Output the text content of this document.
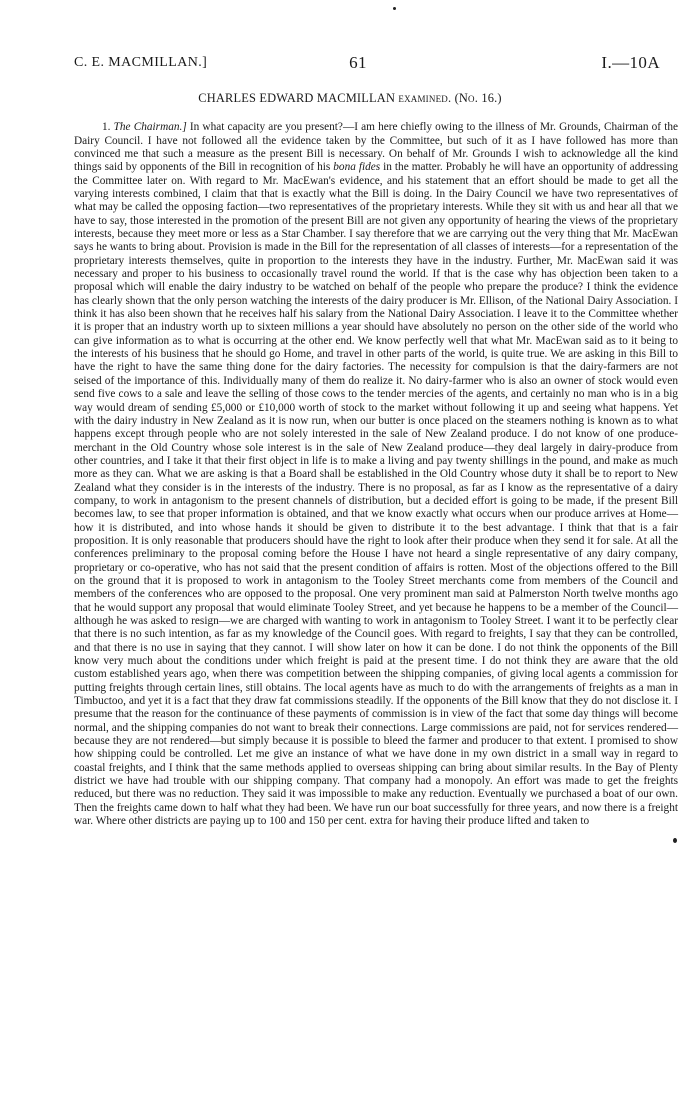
C. E. MACMILLAN.]	61	I.—10A
CHARLES EDWARD MACMILLAN examined. (No. 16.)

1. The Chairman.] In what capacity are you present?—I am here chiefly owing to the illness of Mr. Grounds, Chairman of the Dairy Council. I have not followed all the evidence taken by the Committee, but such of it as I have followed has more than convinced me that such a measure as the present Bill is necessary. On behalf of Mr. Grounds I wish to acknowledge all the kind things said by opponents of the Bill in recognition of his bona fides in the matter. Probably he will have an opportunity of addressing the Committee later on. With regard to Mr. MacEwan's evidence, and his statement that an effort should be made to get all the varying interests combined, I claim that that is exactly what the Bill is doing. In the Dairy Council we have two representatives of what may be called the opposing faction—two representatives of the proprietary interests. While they sit with us and hear all that we have to say, those interested in the promotion of the present Bill are not given any opportunity of hearing the views of the proprietary interests, because they meet more or less as a Star Chamber. I say therefore that we are carrying out the very thing that Mr. MacEwan says he wants to bring about. Provision is made in the Bill for the representation of all classes of interests—for a representation of the proprietary interests themselves, quite in proportion to the interests they have in the industry. Further, Mr. MacEwan said it was necessary and proper to his business to occasionally travel round the world. If that is the case why has objection been taken to a proposal which will enable the dairy industry to be watched on behalf of the people who prepare the produce? I think the evidence has clearly shown that the only person watching the interests of the dairy producer is Mr. Ellison, of the National Dairy Association. I think it has also been shown that he receives half his salary from the National Dairy Association. I leave it to the Committee whether it is proper that an industry worth up to sixteen millions a year should have absolutely no person on the other side of the world who can give information as to what is occurring at the other end. We know perfectly well that what Mr. MacEwan said as to it being to the interests of his business that he should go Home, and travel in other parts of the world, is quite true. We are asking in this Bill to have the right to have the same thing done for the dairy factories. The necessity for compulsion is that the dairy-farmers are not seised of the importance of this. Individually many of them do realize it. No dairy-farmer who is also an owner of stock would even send five cows to a sale and leave the selling of those cows to the tender mercies of the agents, and certainly no man who is in a big way would dream of sending £5,000 or £10,000 worth of stock to the market without following it up and seeing what happens. Yet with the dairy industry in New Zealand as it is now run, when our butter is once placed on the steamers nothing is known as to what happens except through people who are not solely interested in the sale of New Zealand produce. I do not know of one produce-merchant in the Old Country whose sole interest is in the sale of New Zealand produce—they deal largely in dairy-produce from other countries, and I take it that their first object in life is to make a living and pay twenty shillings in the pound, and make as much more as they can. What we are asking is that a Board shall be established in the Old Country whose duty it shall be to report to New Zealand what they consider is in the interests of the industry. There is no proposal, as far as I know as the representative of a dairy company, to work in antagonism to the present channels of distribution, but a decided effort is going to be made, if the present Bill becomes law, to see that proper information is obtained, and that we know exactly what occurs when our produce arrives at Home—how it is distributed, and into whose hands it should be given to distribute it to the best advantage. I think that that is a fair proposition. It is only reasonable that producers should have the right to look after their produce when they send it for sale. At all the conferences preliminary to the proposal coming before the House I have not heard a single representative of any dairy company, proprietary or co-operative, who has not said that the present condition of affairs is rotten. Most of the objections offered to the Bill on the ground that it is proposed to work in antagonism to the Tooley Street merchants come from members of the Council and members of the conferences who are opposed to the proposal. One very prominent man said at Palmerston North twelve months ago that he would support any proposal that would eliminate Tooley Street, and yet because he happens to be a member of the Council—although he was asked to resign—we are charged with wanting to work in antagonism to Tooley Street. I want it to be perfectly clear that there is no such intention, as far as my knowledge of the Council goes. With regard to freights, I say that they can be controlled, and that there is no use in saying that they cannot. I will show later on how it can be done. I do not think the opponents of the Bill know very much about the conditions under which freight is paid at the present time. I do not think they are aware that the old custom established years ago, when there was competition between the shipping companies, of giving local agents a commission for putting freights through certain lines, still obtains. The local agents have as much to do with the arrangements of freights as a man in Timbuctoo, and yet it is a fact that they draw fat commissions steadily. If the opponents of the Bill know that they do not disclose it. I presume that the reason for the continuance of these payments of commission is in view of the fact that some day things will become normal, and the shipping companies do not want to break their connections. Large commissions are paid, not for services rendered—because they are not rendered—but simply because it is possible to bleed the farmer and producer to that extent. I promised to show how shipping could be controlled. Let me give an instance of what we have done in my own district in a small way in regard to coastal freights, and I think that the same methods applied to overseas shipping can bring about similar results. In the Bay of Plenty district we have had trouble with our shipping company. That company had a monopoly. An effort was made to get the freights reduced, but there was no reduction. They said it was impossible to make any reduction. Eventually we purchased a boat of our own. Then the freights came down to half what they had been. We have run our boat successfully for three years, and now there is a freight war. Where other districts are paying up to 100 and 150 per cent. extra for having their produce lifted and taken to
